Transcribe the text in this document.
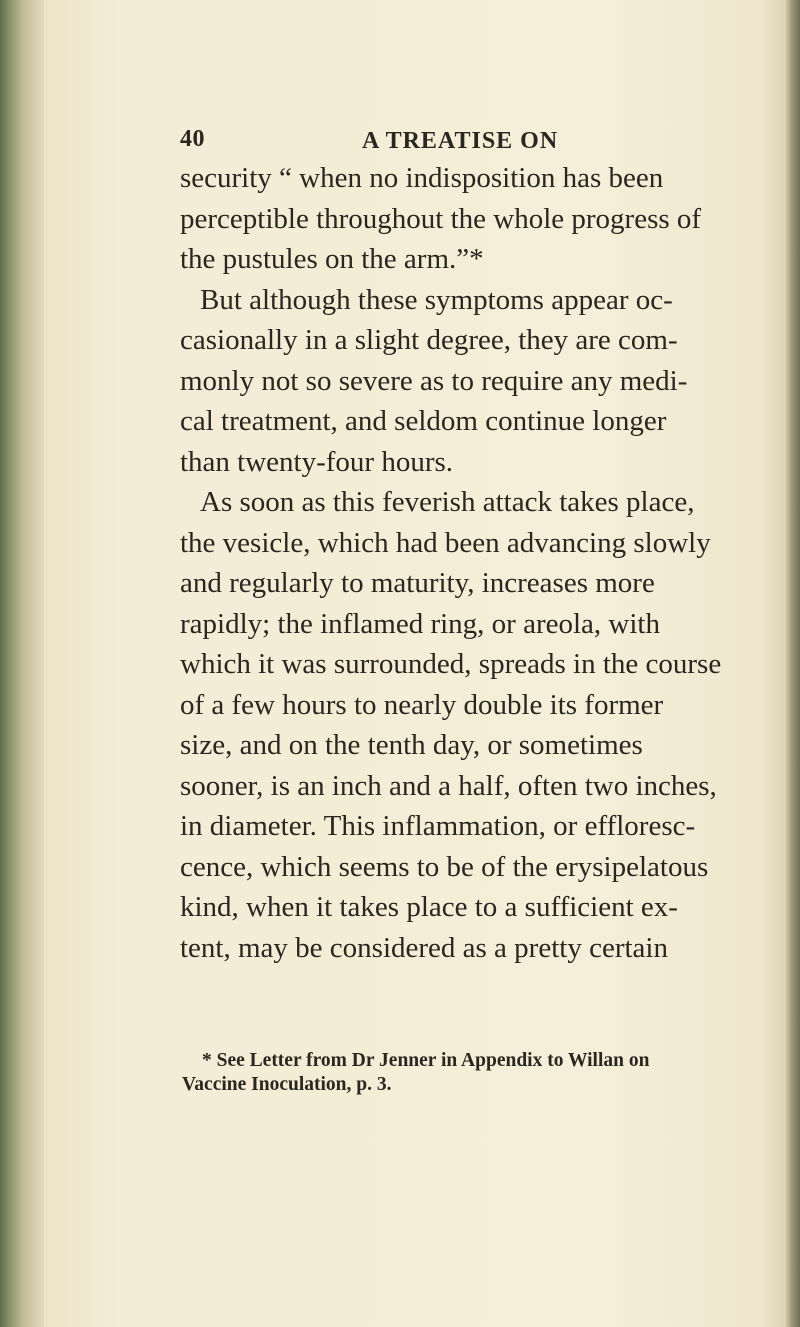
40	A TREATISE ON
security “ when no indisposition has been
perceptible throughout the whole progress of
the pustules on the arm.”*
But although these symptoms appear oc-
casionally in a slight degree, they are com-
monly not so severe as to require any medi-
cal treatment, and seldom continue longer
than twenty-four hours.
As soon as this feverish attack takes place,
the vesicle, which had been advancing slowly
and regularly to maturity, increases more
rapidly; the inflamed ring, or areola, with
which it was surrounded, spreads in the course
of a few hours to nearly double its former
size, and on the tenth day, or sometimes
sooner, is an inch and a half, often two inches,
in diameter. This inflammation, or effloresc-
cence, which seems to be of the erysipelatous
kind, when it takes place to a sufficient ex-
tent, may be considered as a pretty certain
* See Letter from Dr Jenner in Appendix to Willan on
Vaccine Inoculation, p. 3.
